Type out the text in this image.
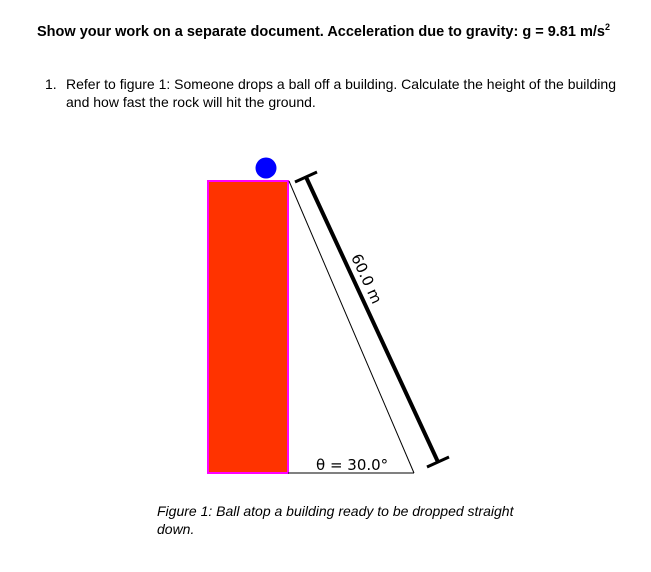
Show your work on a separate document. Acceleration due to gravity: g = 9.81 $m/s^2$
1. Refer to figure 1: Someone drops a ball off a building. Calculate the height of the building and how fast the rock will hit the ground.
60.0 m
θ = 30.0°
Figure 1: Ball atop a building ready to be dropped straight down.
